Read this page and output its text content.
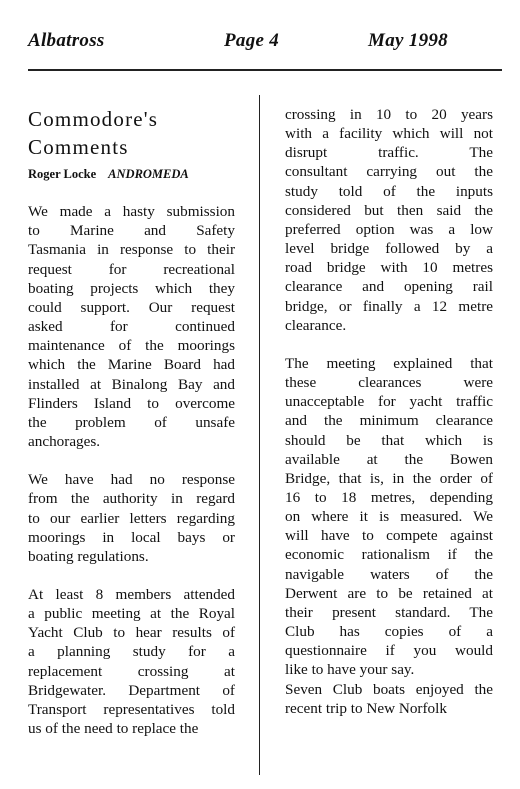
Albatross	Page 4	May 1998
Commodore's
Comments
Roger Locke ANDROMEDA

We made a hasty submission
to Marine and Safety
Tasmania in response to their
request for recreational
boating projects which they
could support. Our request
asked for continued
maintenance of the moorings
which the Marine Board had
installed at Binalong Bay and
Flinders Island to overcome
the problem of unsafe
anchorages.

We have had no response
from the authority in regard
to our earlier letters regarding
moorings in local bays or
boating regulations.

At least 8 members attended
a public meeting at the Royal
Yacht Club to hear results of
a planning study for a
replacement crossing at
Bridgewater. Department of
Transport representatives told
us of the need to replace the

crossing in 10 to 20 years
with a facility which will not
disrupt traffic. The
consultant carrying out the
study told of the inputs
considered but then said the
preferred option was a low
level bridge followed by a
road bridge with 10 metres
clearance and opening rail
bridge, or finally a 12 metre
clearance.

The meeting explained that
these clearances were
unacceptable for yacht traffic
and the minimum clearance
should be that which is
available at the Bowen
Bridge, that is, in the order of
16 to 18 metres, depending
on where it is measured. We
will have to compete against
economic rationalism if the
navigable waters of the
Derwent are to be retained at
their present standard. The
Club has copies of a
questionnaire if you would
like to have your say.

Seven Club boats enjoyed the
recent trip to New Norfolk
